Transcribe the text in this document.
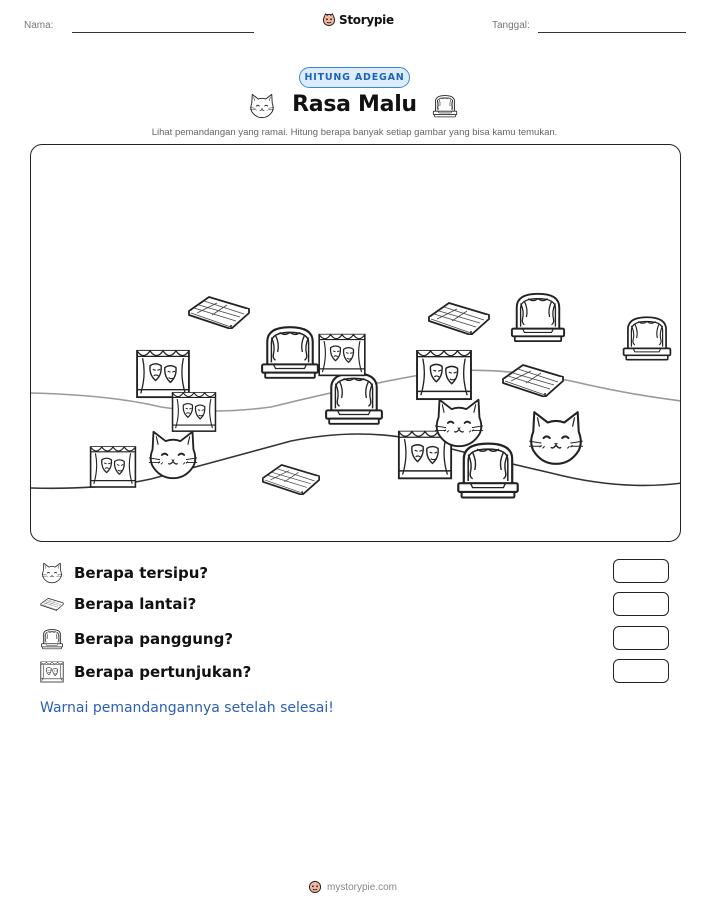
Nama:	Storypie	Tanggal:
HITUNG ADEGAN
Rasa Malu
Lihat pemandangan yang ramai. Hitung berapa banyak setiap gambar yang bisa kamu temukan.
Berapa tersipu?
Berapa lantai?
Berapa panggung?
Berapa pertunjukan?
Warnai pemandangannya setelah selesai!
mystorypie.com
